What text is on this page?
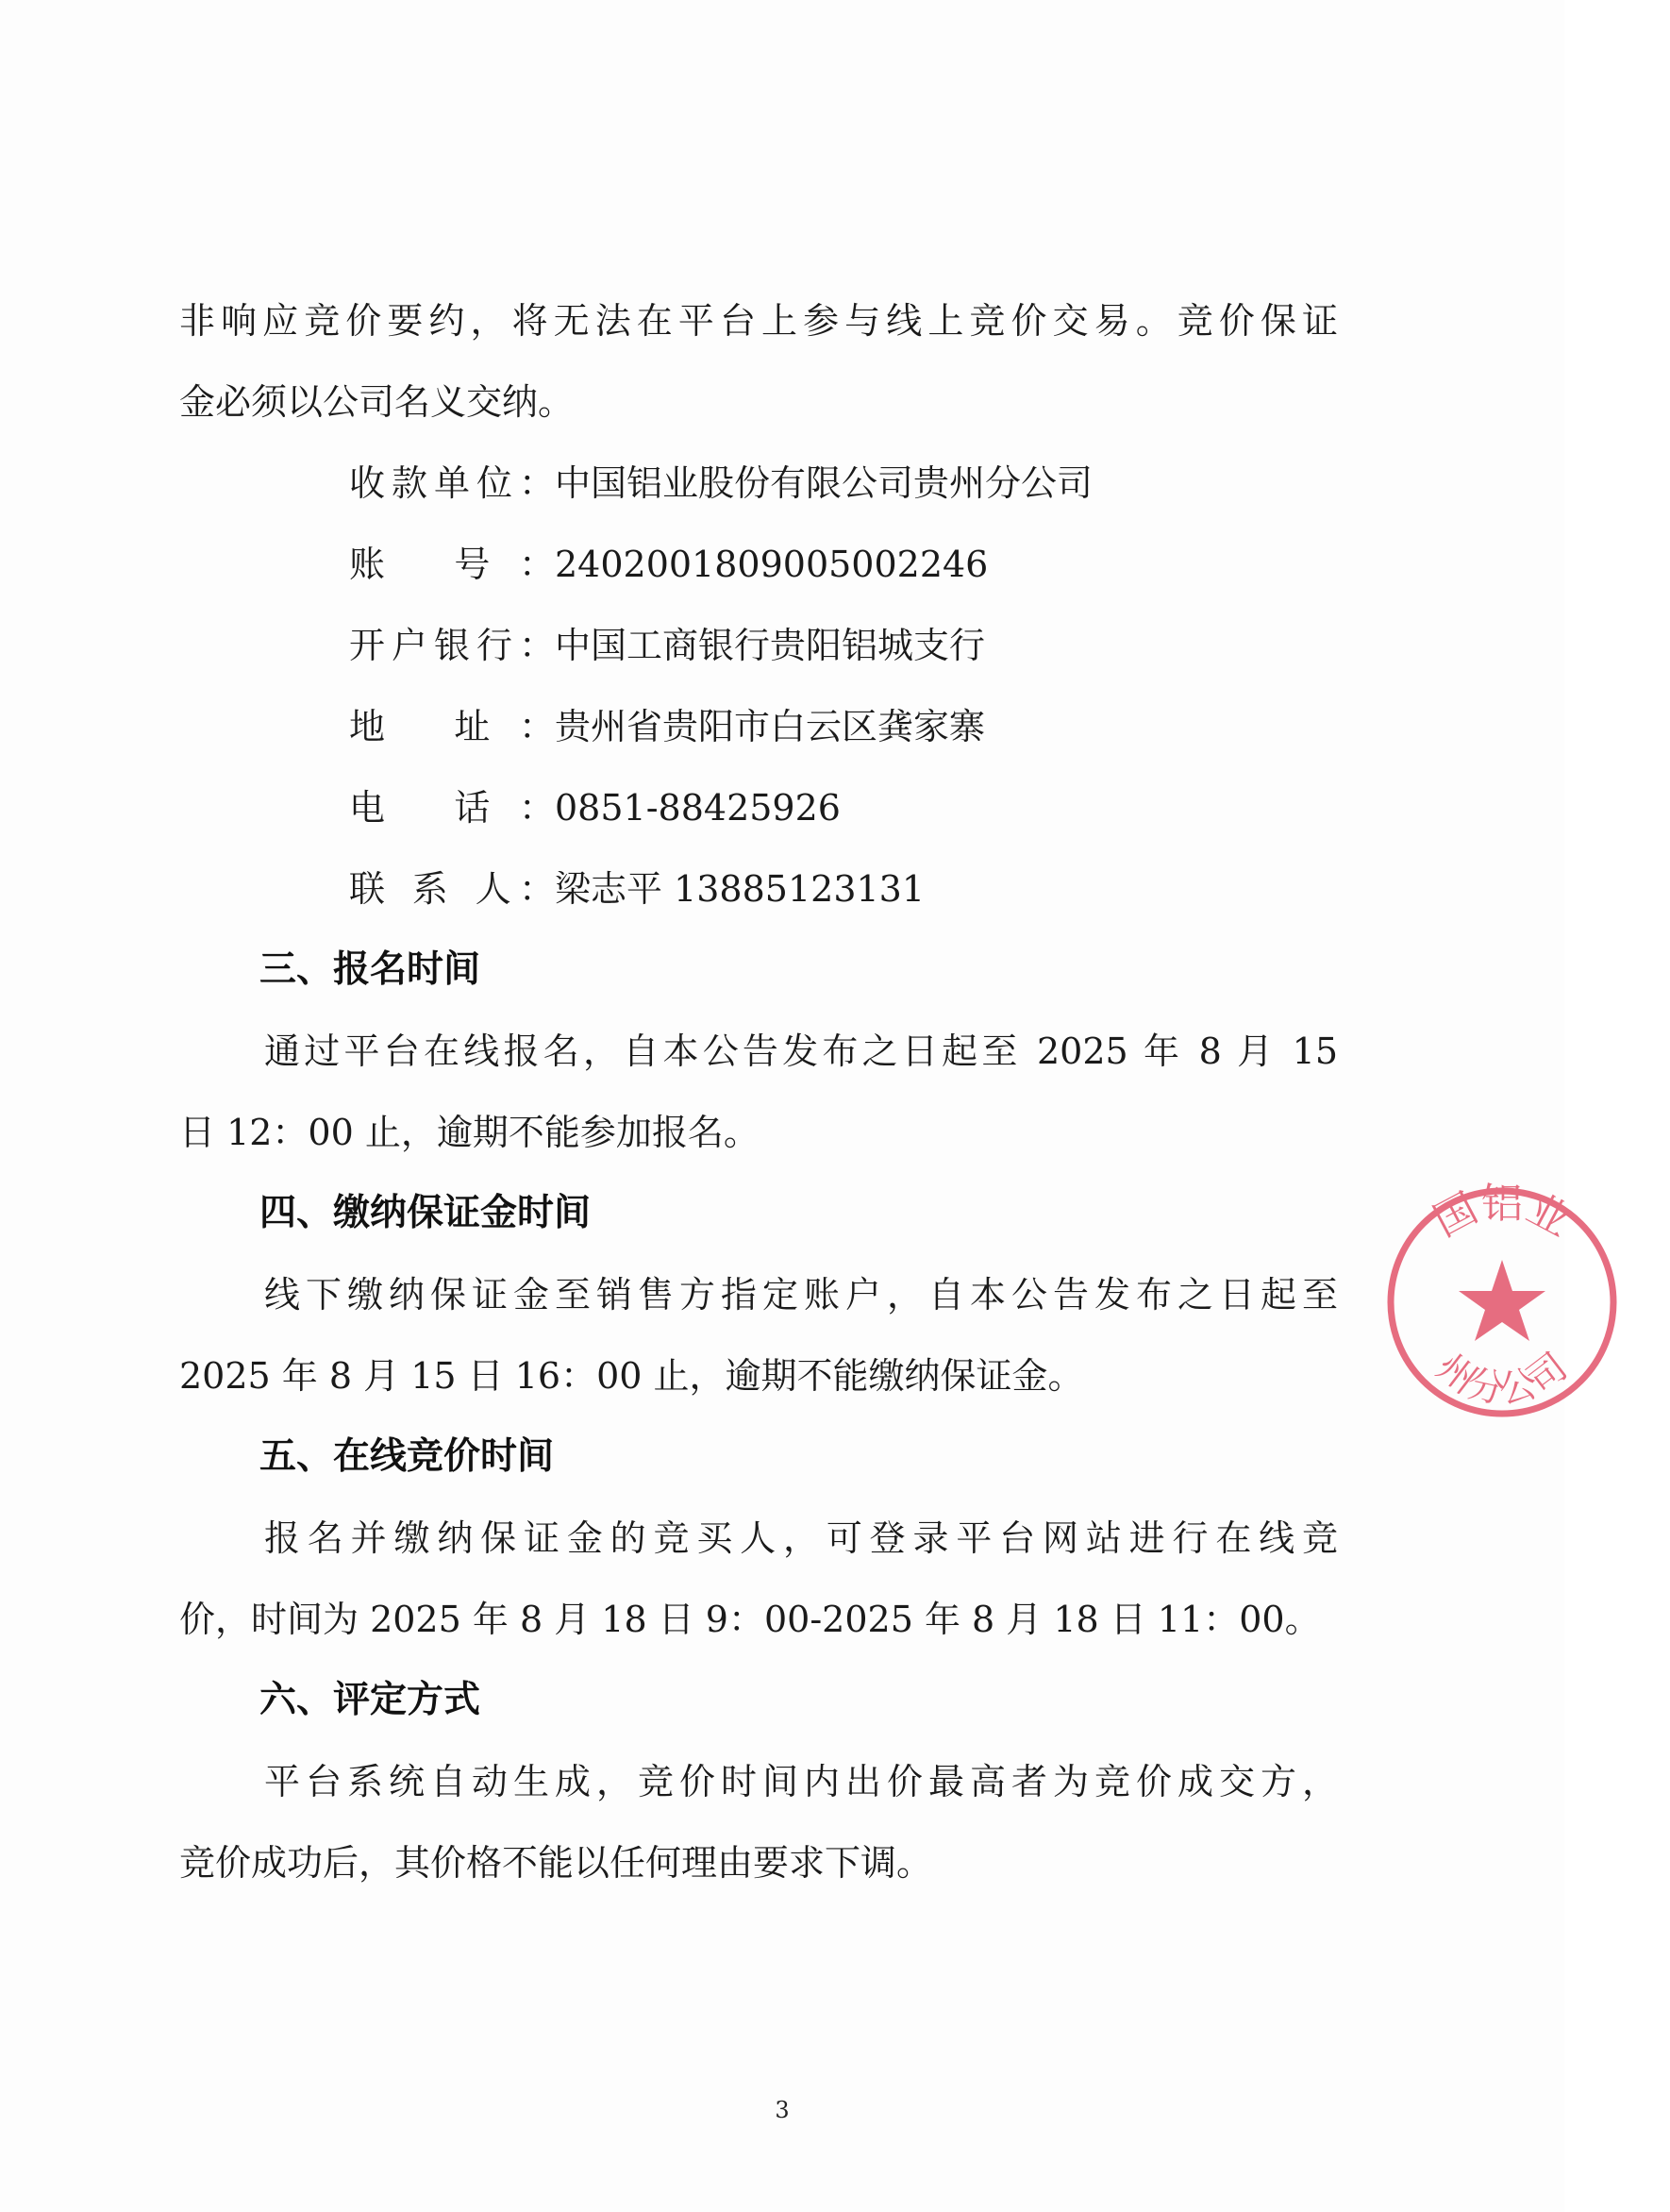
非响应竞价要约，将无法在平台上参与线上竞价交易。竞价保证
金必须以公司名义交纳。
收款单位：中国铝业股份有限公司贵州分公司
账 号：2402001809005002246
开户银行：中国工商银行贵阳铝城支行
地 址：贵州省贵阳市白云区龚家寨
电 话：0851-88425926
联 系 人：梁志平 13885123131
三、报名时间
通过平台在线报名，自本公告发布之日起至 2025 年 8 月 15
日 12：00 止，逾期不能参加报名。
四、缴纳保证金时间
线下缴纳保证金至销售方指定账户，自本公告发布之日起至
2025 年 8 月 15 日 16：00 止，逾期不能缴纳保证金。
五、在线竞价时间
报名并缴纳保证金的竞买人，可登录平台网站进行在线竞
价，时间为 2025 年 8 月 18 日 9：00-2025 年 8 月 18 日 11：00。
六、评定方式
平台系统自动生成，竞价时间内出价最高者为竞价成交方，
竞价成功后，其价格不能以任何理由要求下调。
3
国铝业
州分公司
